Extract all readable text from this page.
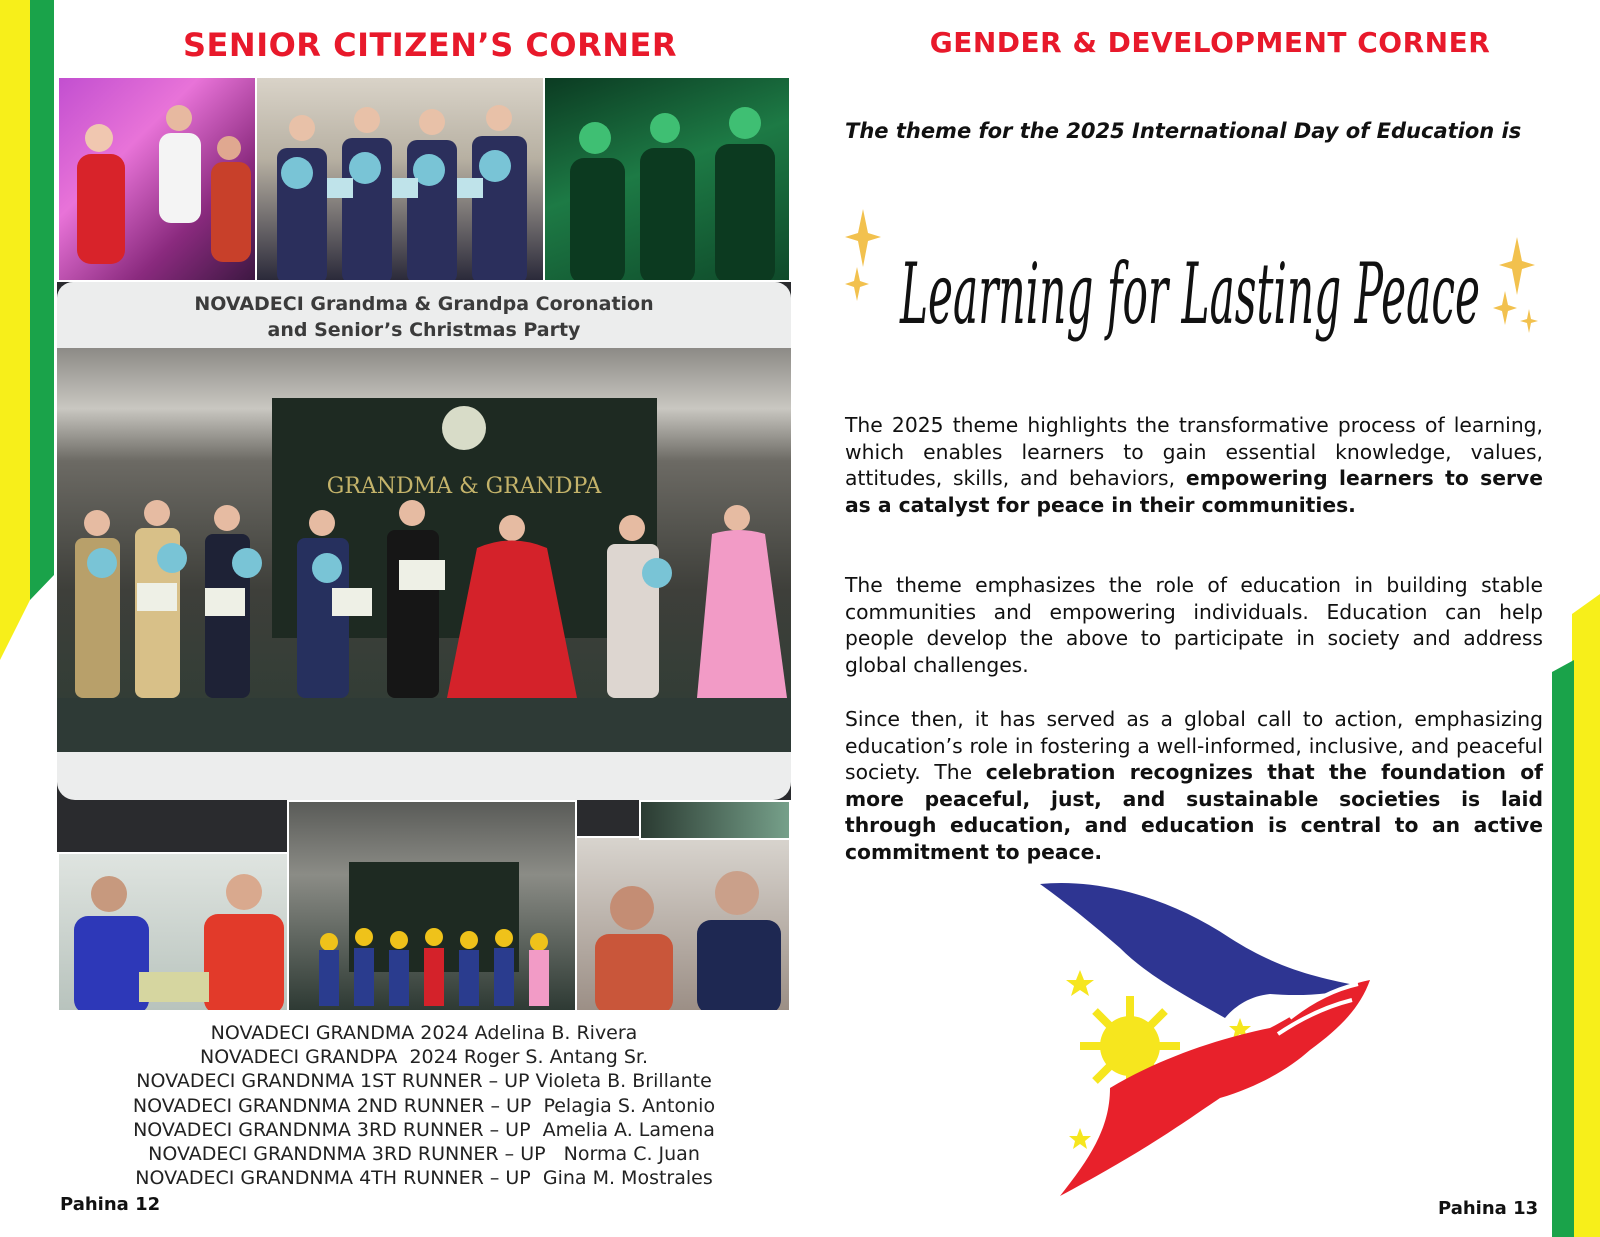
SENIOR CITIZEN’S CORNER
NOVADECI Grandma & Grandpa Coronation
and Senior’s Christmas Party
GRANDMA & GRANDPA
NOVADECI GRANDMA 2024 Adelina B. Rivera
NOVADECI GRANDPA  2024 Roger S. Antang Sr.
NOVADECI GRANDNMA 1ST RUNNER – UP Violeta B. Brillante
NOVADECI GRANDNMA 2ND RUNNER – UP  Pelagia S. Antonio
NOVADECI GRANDNMA 3RD RUNNER – UP  Amelia A. Lamena
NOVADECI GRANDNMA 3RD RUNNER – UP   Norma C. Juan
NOVADECI GRANDNMA 4TH RUNNER – UP  Gina M. Mostrales
Pahina 12
GENDER & DEVELOPMENT CORNER
The theme for the 2025 International Day of Education is
Learning for Lasting Peace
The 2025 theme highlights the transformative process of learning, which enables learners to gain essential knowledge, values, attitudes, skills, and behaviors, empowering learners to serve as a catalyst for peace in their communities.
The theme emphasizes the role of education in building stable communities and empowering individuals. Education can help people develop the above to participate in society and address global challenges.
Since then, it has served as a global call to action, emphasizing education’s role in fostering a well-informed, inclusive, and peaceful society. The celebration recognizes that the foundation of more peaceful, just, and sustainable societies is laid through education, and education is central to an active commitment to peace.
Pahina 13
